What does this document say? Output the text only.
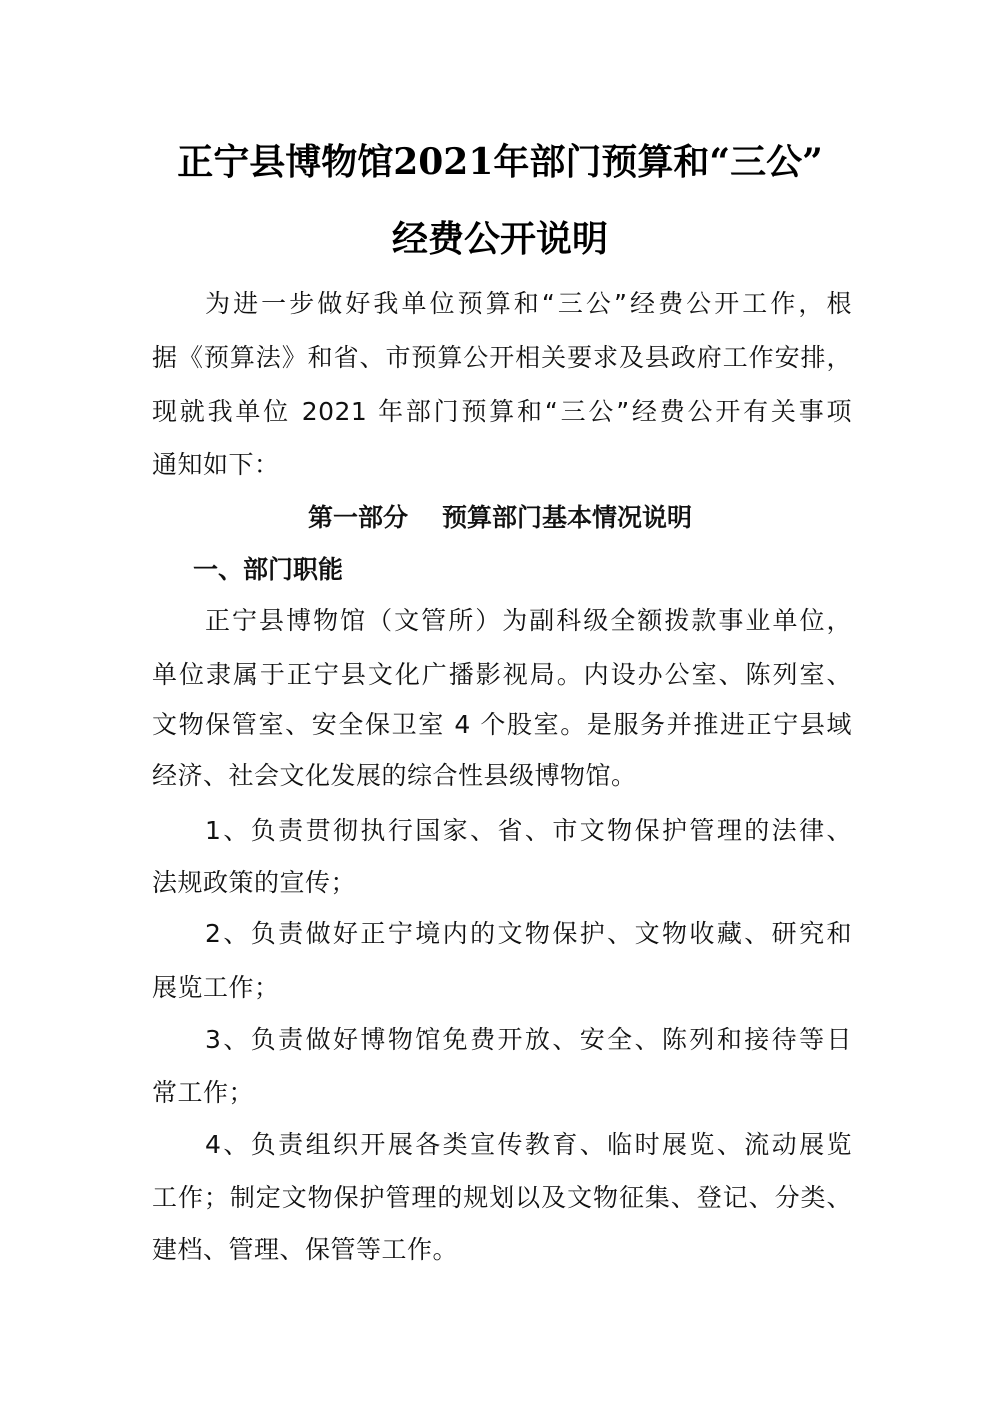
正宁县博物馆2021年部门预算和“三公”
经费公开说明
为进一步做好我单位预算和“三公”经费公开工作，根
据《预算法》和省、市预算公开相关要求及县政府工作安排，
现就我单位 2021 年部门预算和“三公”经费公开有关事项
通知如下：
第一部分 预算部门基本情况说明
一、部门职能
正宁县博物馆（文管所）为副科级全额拨款事业单位，
单位隶属于正宁县文化广播影视局。内设办公室、陈列室、
文物保管室、安全保卫室 4 个股室。是服务并推进正宁县域
经济、社会文化发展的综合性县级博物馆。
1、负责贯彻执行国家、省、市文物保护管理的法律、
法规政策的宣传；
2、负责做好正宁境内的文物保护、文物收藏、研究和
展览工作；
3、负责做好博物馆免费开放、安全、陈列和接待等日
常工作；
4、负责组织开展各类宣传教育、临时展览、流动展览
工作；制定文物保护管理的规划以及文物征集、登记、分类、
建档、管理、保管等工作。
